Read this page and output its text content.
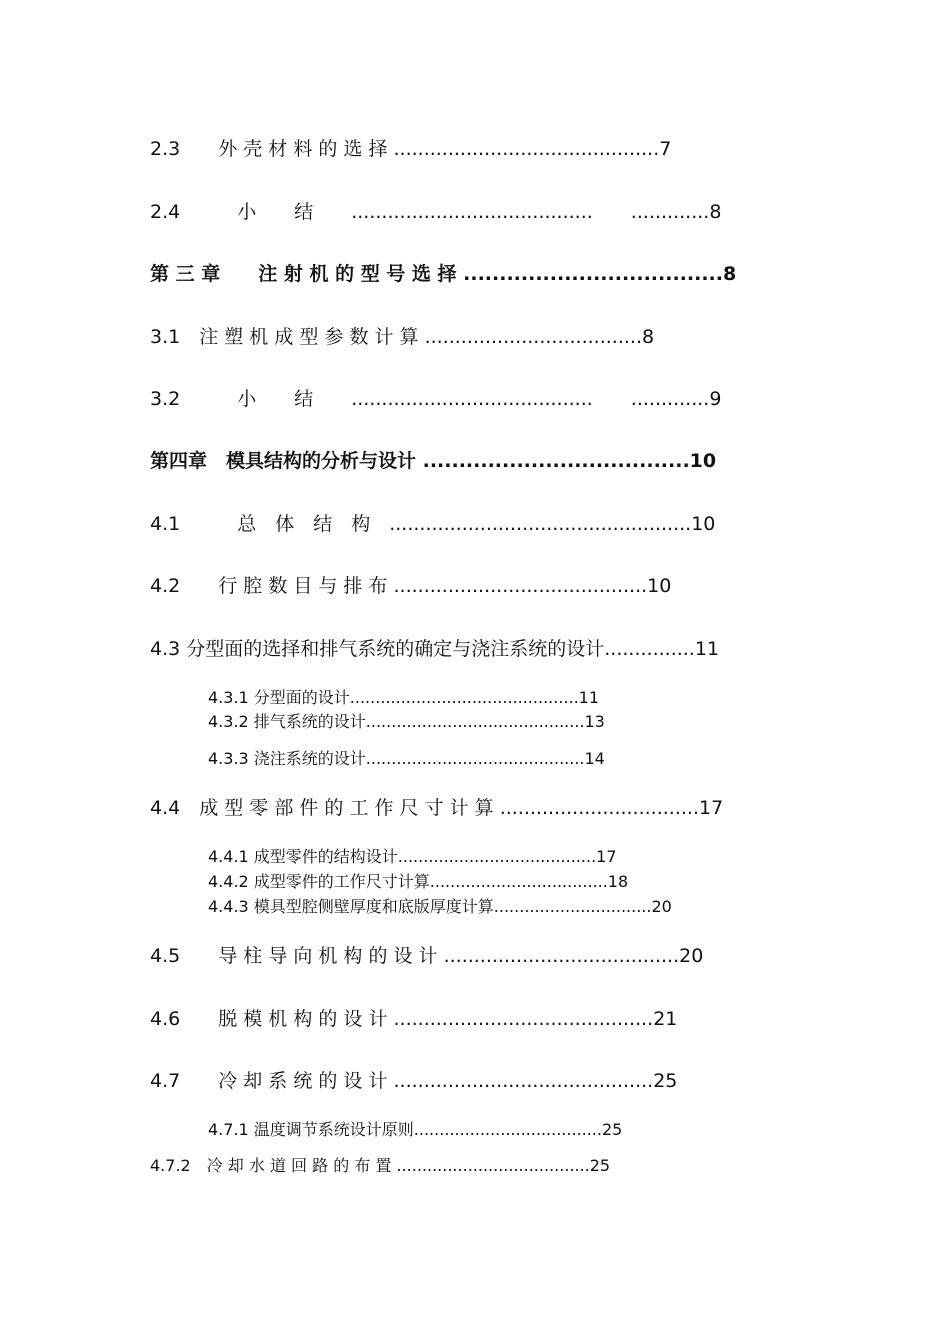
2.3　　外 壳 材 料 的 选 择 ............................................7
2.4　　　小　　结　　........................................　　.............8
第 三 章　　注 射 机 的 型 号 选 择 ....................................8
3.1　注 塑 机 成 型 参 数 计 算 ....................................8
3.2　　　小　　结　　........................................　　.............9
第四章　模具结构的分析与设计 .....................................10
4.1　　　总　体　结　构　..................................................10
4.2　　行 腔 数 目 与 排 布 ..........................................10
4.3 分型面的选择和排气系统的确定与浇注系统的设计...............11
4.3.1 分型面的设计.............................................11
4.3.2 排气系统的设计...........................................13
4.3.3 浇注系统的设计...........................................14
4.4　成 型 零 部 件 的 工 作 尺 寸 计 算 .................................17
4.4.1 成型零件的结构设计.......................................17
4.4.2 成型零件的工作尺寸计算...................................18
4.4.3 模具型腔侧壁厚度和底版厚度计算...............................20
4.5　　导 柱 导 向 机 构 的 设 计 .......................................20
4.6　　脱 模 机 构 的 设 计 ...........................................21
4.7　　冷 却 系 统 的 设 计 ...........................................25
4.7.1 温度调节系统设计原则.....................................25
4.7.2　冷 却 水 道 回 路 的 布 置 ......................................25
